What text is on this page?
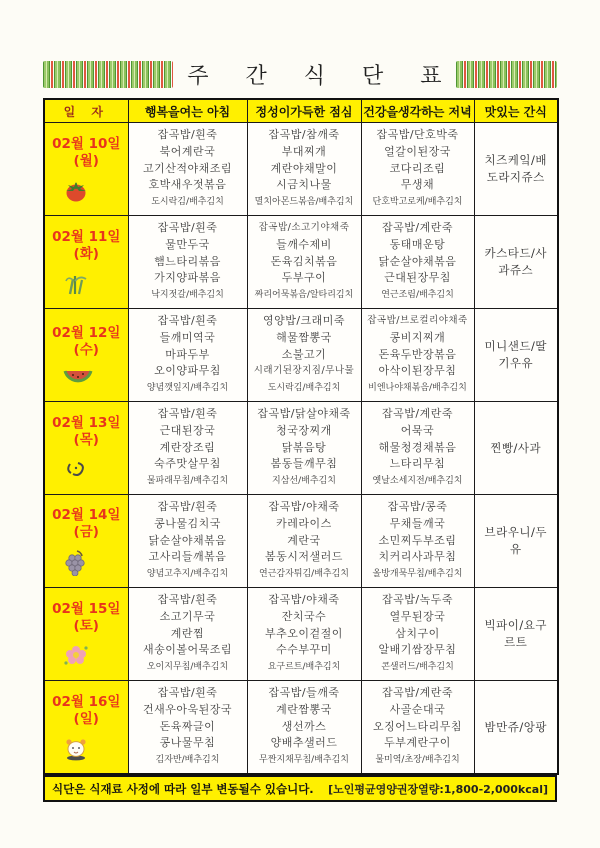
주 간 식 단 표
일 자	행복을여는 아침	정성이가득한 점심	건강을생각하는 저녁	맛있는 간식

02월 10일
(월)

잡곡밥/흰죽
북어계란국
고기산적야채조림
호박새우젓볶음
도시락김/배추김치

잡곡밥/참깨죽
부대찌개
계란야채말이
시금치나물
멸치아몬드볶음/배추김치

잡곡밥/단호박죽
얼갈이된장국
코다리조림
무생채
단호박고로케/배추김치
	치즈케잌/배도라지쥬스

02월 11일
(화)

잡곡밥/흰죽
물만두국
햄느타리볶음
가지양파볶음
낙지젓갈/배추김치

잡곡밥/소고기야채죽
들깨수제비
돈육김치볶음
두부구이
짜리어묵볶음/알타리김치

잡곡밥/계란죽
동태매운탕
닭순살야채볶음
근대된장무침
연근조림/배추김치
	카스타드/사과쥬스

02월 12일
(수)

잡곡밥/흰죽
들깨미역국
마파두부
오이양파무침
양념깻잎지/배추김치

영양밥/크래미죽
해물짬뽕국
소불고기
시래기된장지짐/무나물
도시락김/배추김치

잡곡밥/브로컬리야채죽
콩비지찌개
돈육두반장볶음
아삭이된장무침
비엔나야채볶음/배추김치
	미니샌드/딸기우유

02월 13일
(목)

잡곡밥/흰죽
근대된장국
계란장조림
숙주맛살무침
물파래무침/배추김치

잡곡밥/닭살야채죽
청국장찌개
닭볶음탕
봄동들깨무침
지삼선/배추김치

잡곡밥/계란죽
어묵국
해물청경채볶음
느타리무침
옛날소세지전/배추김치
	찐빵/사과

02월 14일
(금)

잡곡밥/흰죽
콩나물김치국
닭순살야채볶음
고사리들깨볶음
양념고추지/배추김치

잡곡밥/야채죽
카레라이스
계란국
봄동시저샐러드
연근감자튀김/배추김치

잡곡밥/콩죽
무채들깨국
소민찌두부조림
치커리사과무침
올방개묵무침/배추김치
	브라우니/두유

02월 15일
(토)

잡곡밥/흰죽
소고기무국
계란찜
새송이볼어묵조림
오이지무침/배추김치

잡곡밥/야채죽
잔치국수
부추오이겉절이
수수부꾸미
요구르트/배추김치

잡곡밥/녹두죽
열무된장국
삼치구이
알배기쌈장무침
콘샐러드/배추김치
	빅파이/요구르트

02월 16일
(일)

잡곡밥/흰죽
건새우아욱된장국
돈육짜글이
콩나물무침
김자반/배추김치

잡곡밥/들깨죽
계란짬뽕국
생선까스
양배추샐러드
무짠지채무침/배추김치

잡곡밥/계란죽
사골순대국
오징어느타리무침
두부계란구이
물미역/초장/배추김치
	밤만쥬/앙팡
식단은 식재료 사정에 따라 일부 변동될수 있습니다. [노인평균영양권장열량:1,800-2,000kcal]
